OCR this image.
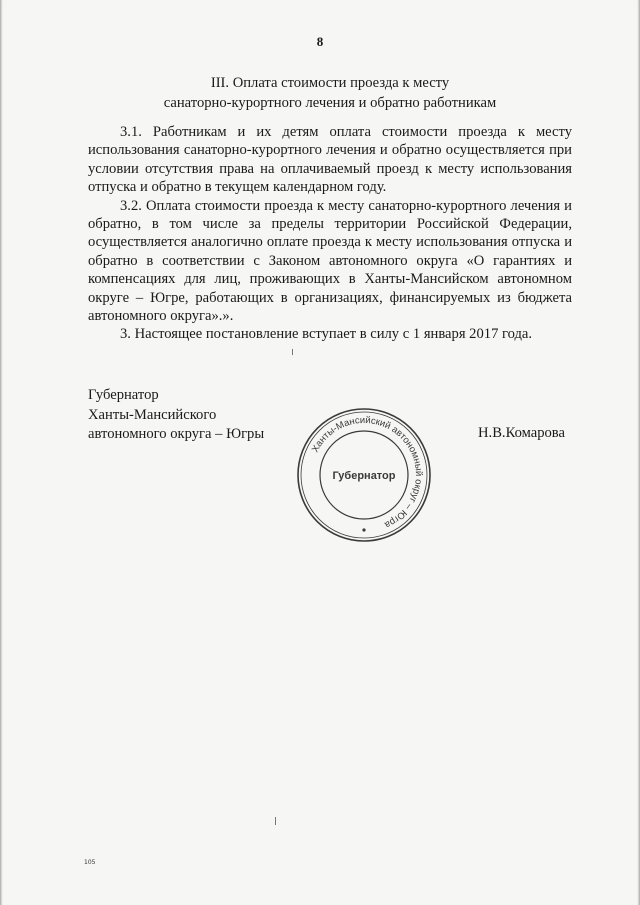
8
III. Оплата стоимости проезда к месту
санаторно-курортного лечения и обратно работникам

3.1. Работникам и их детям оплата стоимости проезда к месту использования санаторно-курортного лечения и обратно осуществляется при условии отсутствия права на оплачиваемый проезд к месту использования отпуска и обратно в текущем календарном году.

3.2. Оплата стоимости проезда к месту санаторно-курортного лечения и обратно, в том числе за пределы территории Российской Федерации, осуществляется аналогично оплате проезда к месту использования отпуска и обратно в соответствии с Законом автономного округа «О гарантиях и компенсациях для лиц, проживающих в Ханты-Мансийском автономном округе – Югре, работающих в организациях, финансируемых из бюджета автономного округа».».

3. Настоящее постановление вступает в силу с 1 января 2017 года.

Губернатор
Ханты-Мансийского
автономного округа – Югры	Н.В.Комарова
Ханты-Мансийский автономный округ – Югра
Губернатор
105
